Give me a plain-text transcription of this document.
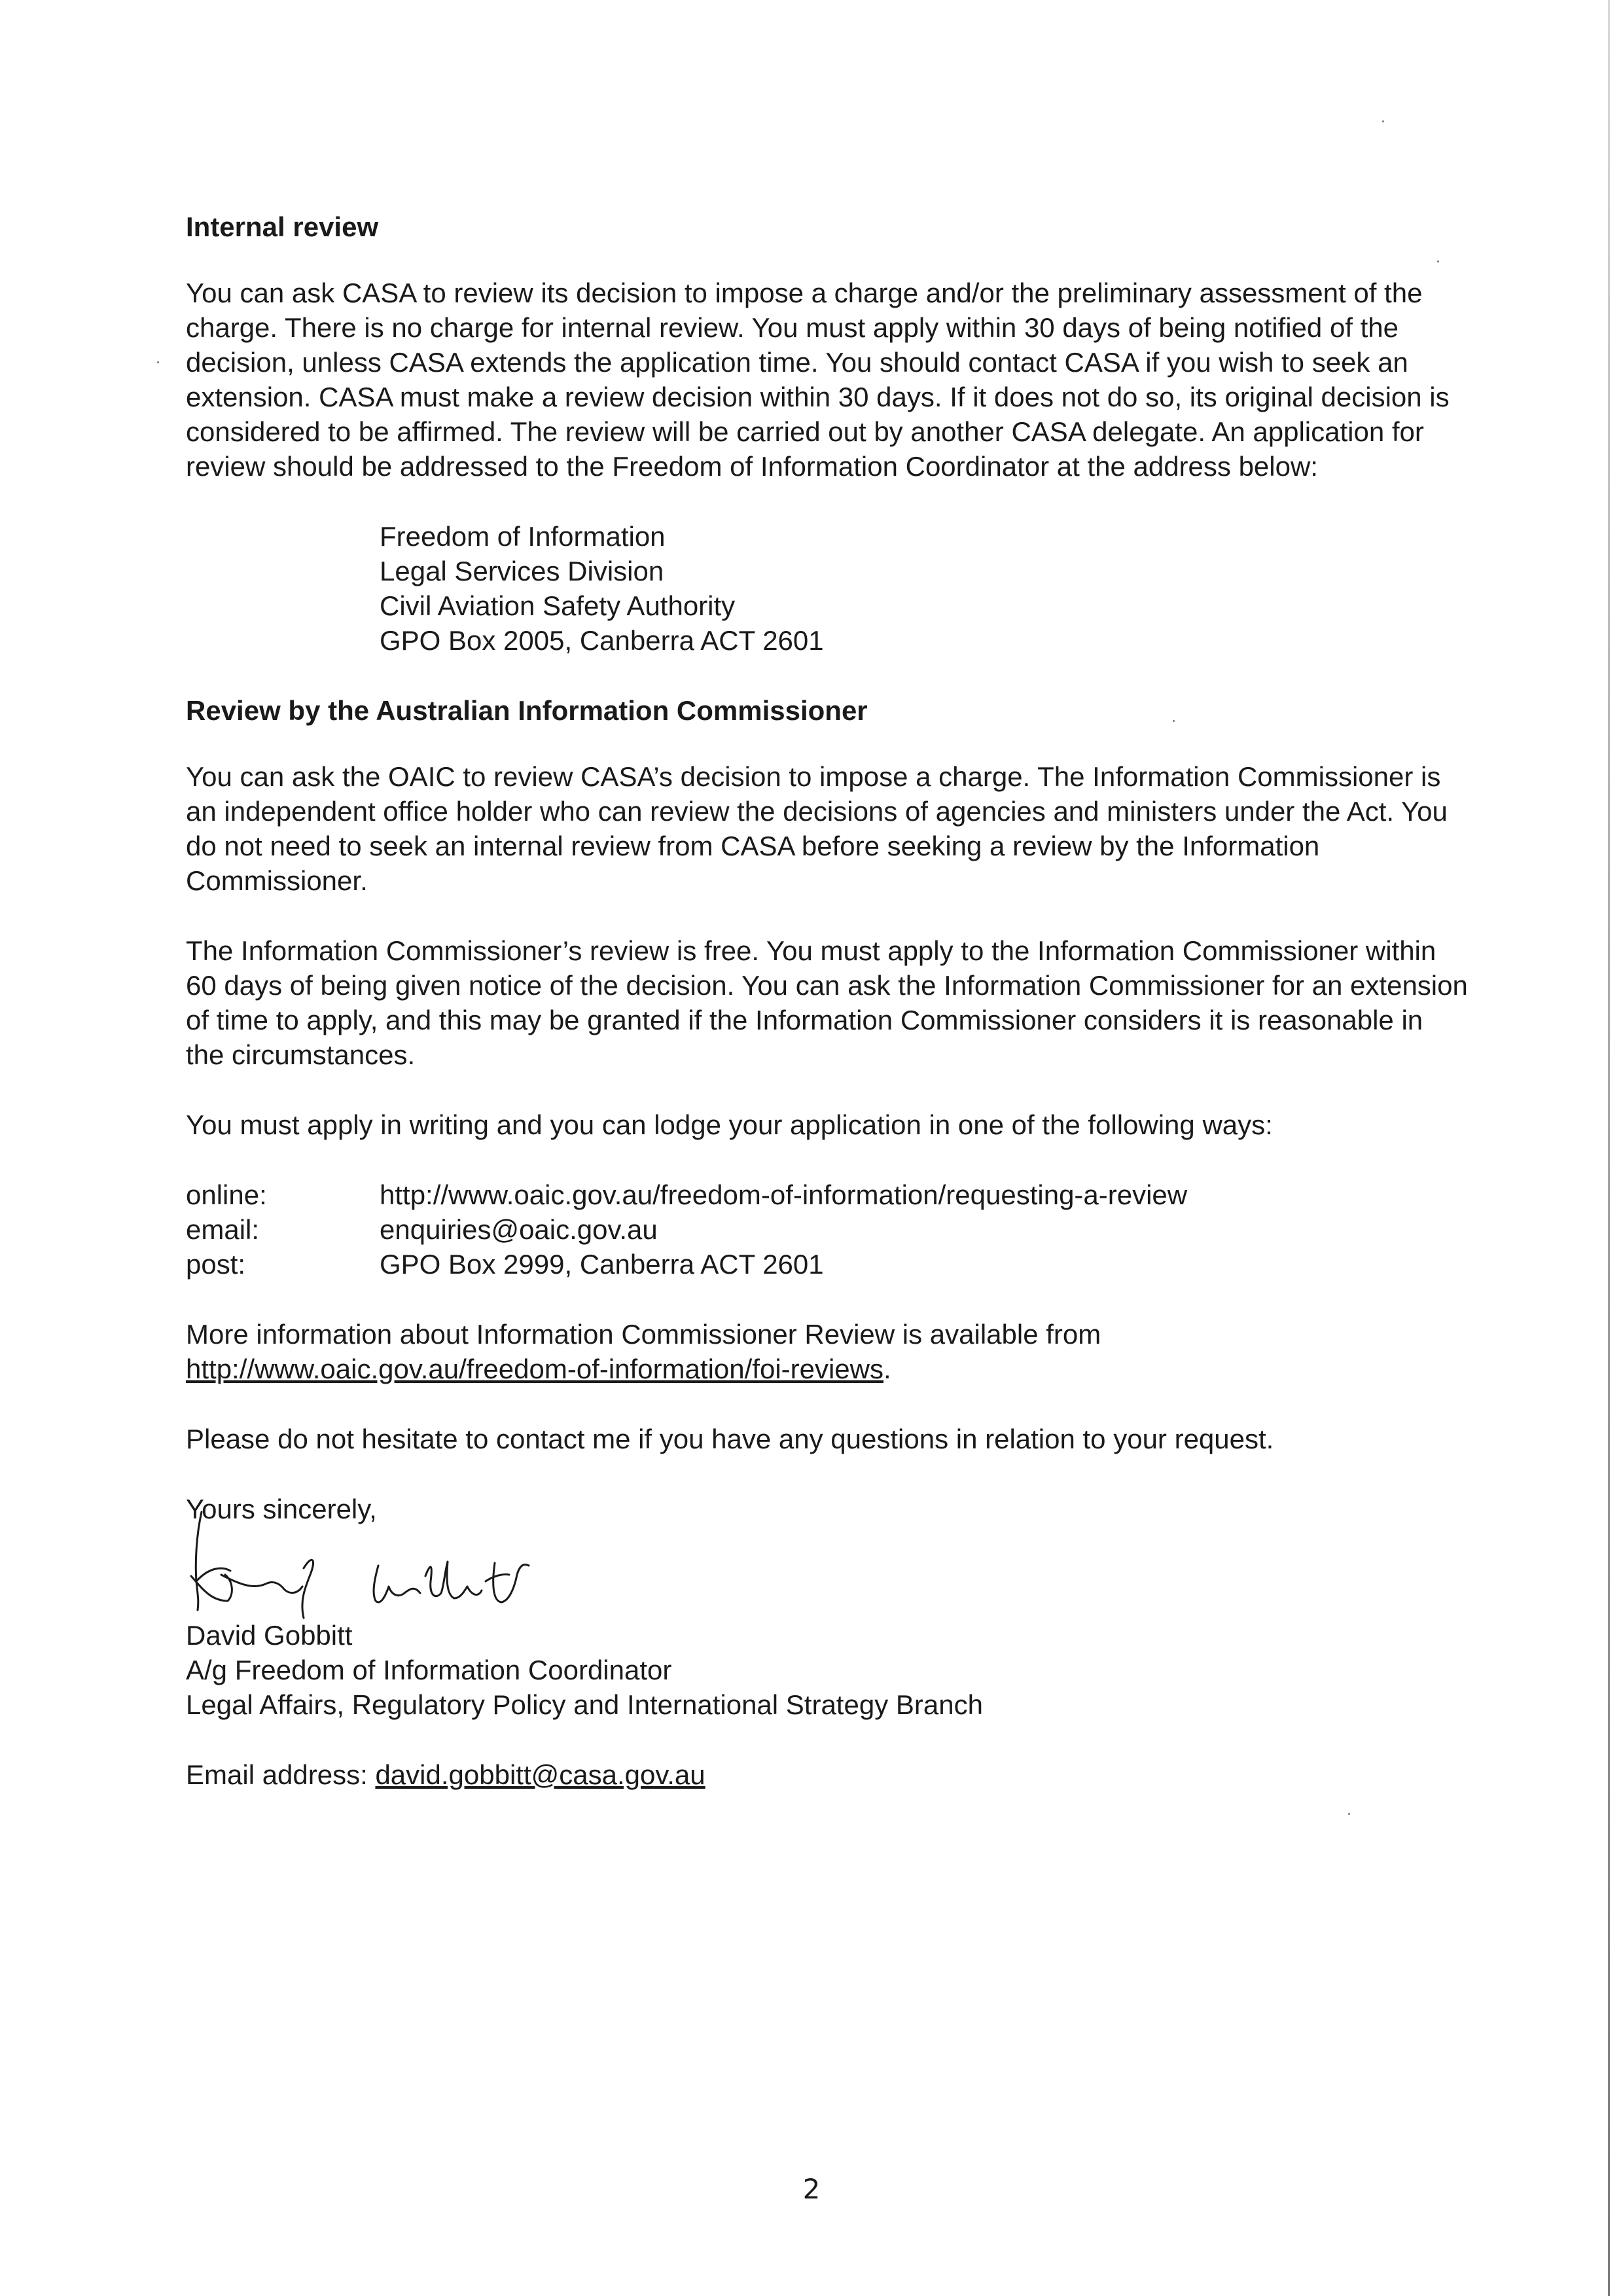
Internal review

You can ask CASA to review its decision to impose a charge and/or the preliminary assessment of the charge. There is no charge for internal review. You must apply within 30 days of being notified of the decision, unless CASA extends the application time. You should contact CASA if you wish to seek an extension. CASA must make a review decision within 30 days. If it does not do so, its original decision is considered to be affirmed. The review will be carried out by another CASA delegate. An application for review should be addressed to the Freedom of Information Coordinator at the address below:

Freedom of Information
Legal Services Division
Civil Aviation Safety Authority
GPO Box 2005, Canberra ACT 2601

Review by the Australian Information Commissioner

You can ask the OAIC to review CASA’s decision to impose a charge. The Information Commissioner is an independent office holder who can review the decisions of agencies and ministers under the Act. You do not need to seek an internal review from CASA before seeking a review by the Information Commissioner.

The Information Commissioner’s review is free. You must apply to the Information Commissioner within 60 days of being given notice of the decision. You can ask the Information Commissioner for an extension of time to apply, and this may be granted if the Information Commissioner considers it is reasonable in the circumstances.

You must apply in writing and you can lodge your application in one of the following ways:

online:	http://www.oaic.gov.au/freedom-of-information/requesting-a-review
email:	enquiries@oaic.gov.au
post:	GPO Box 2999, Canberra ACT 2601

More information about Information Commissioner Review is available from
http://www.oaic.gov.au/freedom-of-information/foi-reviews.

Please do not hesitate to contact me if you have any questions in relation to your request.

Yours sincerely,

David Gobbitt
A/g Freedom of Information Coordinator
Legal Affairs, Regulatory Policy and International Strategy Branch
Email address: david.gobbitt@casa.gov.au
2
